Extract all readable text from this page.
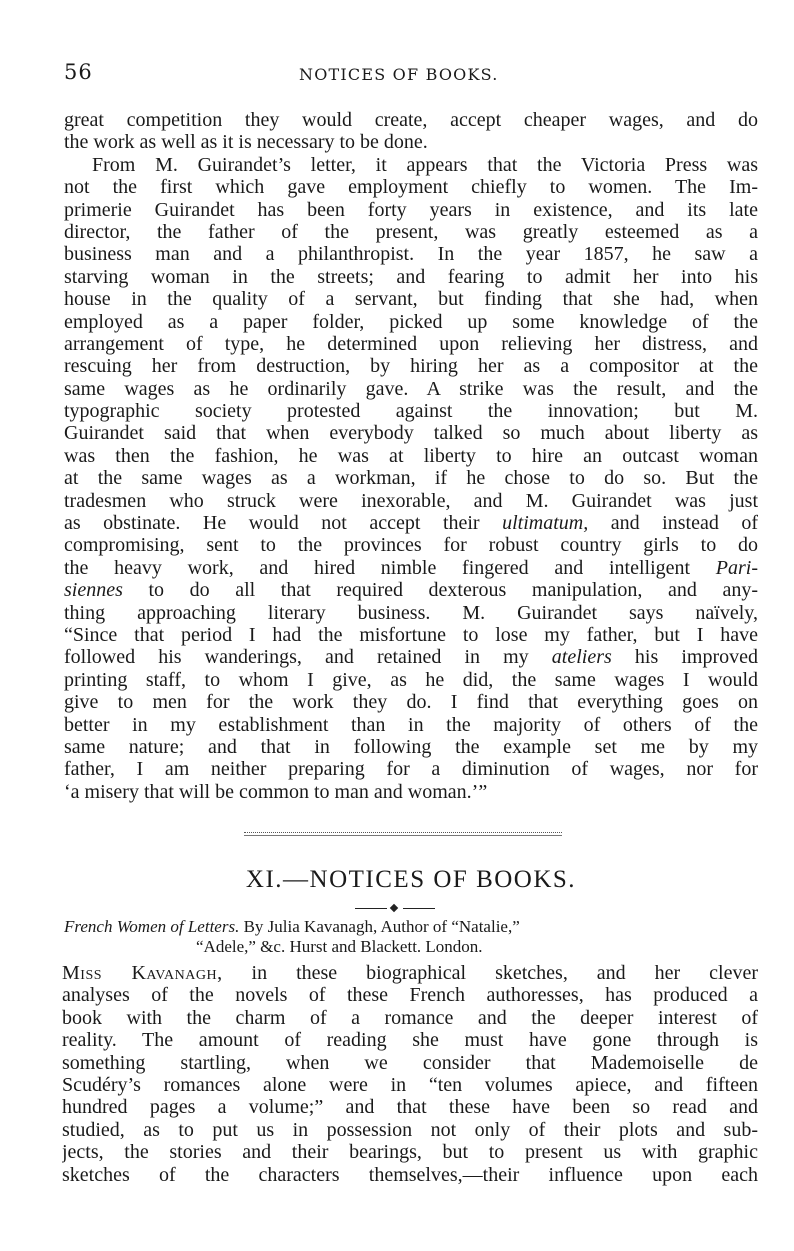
56	NOTICES OF BOOKS.
great competition they would create, accept cheaper wages, and do
the work as well as it is necessary to be done.
From M. Guirandet’s letter, it appears that the Victoria Press was
not the first which gave employment chiefly to women. The Im-
primerie Guirandet has been forty years in existence, and its late
director, the father of the present, was greatly esteemed as a
business man and a philanthropist. In the year 1857, he saw a
starving woman in the streets; and fearing to admit her into his
house in the quality of a servant, but finding that she had, when
employed as a paper folder, picked up some knowledge of the
arrangement of type, he determined upon relieving her distress, and
rescuing her from destruction, by hiring her as a compositor at the
same wages as he ordinarily gave. A strike was the result, and the
typographic society protested against the innovation; but M.
Guirandet said that when everybody talked so much about liberty as
was then the fashion, he was at liberty to hire an outcast woman
at the same wages as a workman, if he chose to do so. But the
tradesmen who struck were inexorable, and M. Guirandet was just
as obstinate. He would not accept their ultimatum, and instead of
compromising, sent to the provinces for robust country girls to do
the heavy work, and hired nimble fingered and intelligent Pari-
siennes to do all that required dexterous manipulation, and any-
thing approaching literary business. M. Guirandet says naïvely,
“Since that period I had the misfortune to lose my father, but I have
followed his wanderings, and retained in my ateliers his improved
printing staff, to whom I give, as he did, the same wages I would
give to men for the work they do. I find that everything goes on
better in my establishment than in the majority of others of the
same nature; and that in following the example set me by my
father, I am neither preparing for a diminution of wages, nor for
‘a misery that will be common to man and woman.’”
XI.—NOTICES OF BOOKS.
French Women of Letters. By Julia Kavanagh, Author of “Natalie,”
“Adele,” &c. Hurst and Blackett. London.
Miss Kavanagh, in these biographical sketches, and her clever
analyses of the novels of these French authoresses, has produced a
book with the charm of a romance and the deeper interest of
reality. The amount of reading she must have gone through is
something startling, when we consider that Mademoiselle de
Scudéry’s romances alone were in “ten volumes apiece, and fifteen
hundred pages a volume;” and that these have been so read and
studied, as to put us in possession not only of their plots and sub-
jects, the stories and their bearings, but to present us with graphic
sketches of the characters themselves,—their influence upon each
